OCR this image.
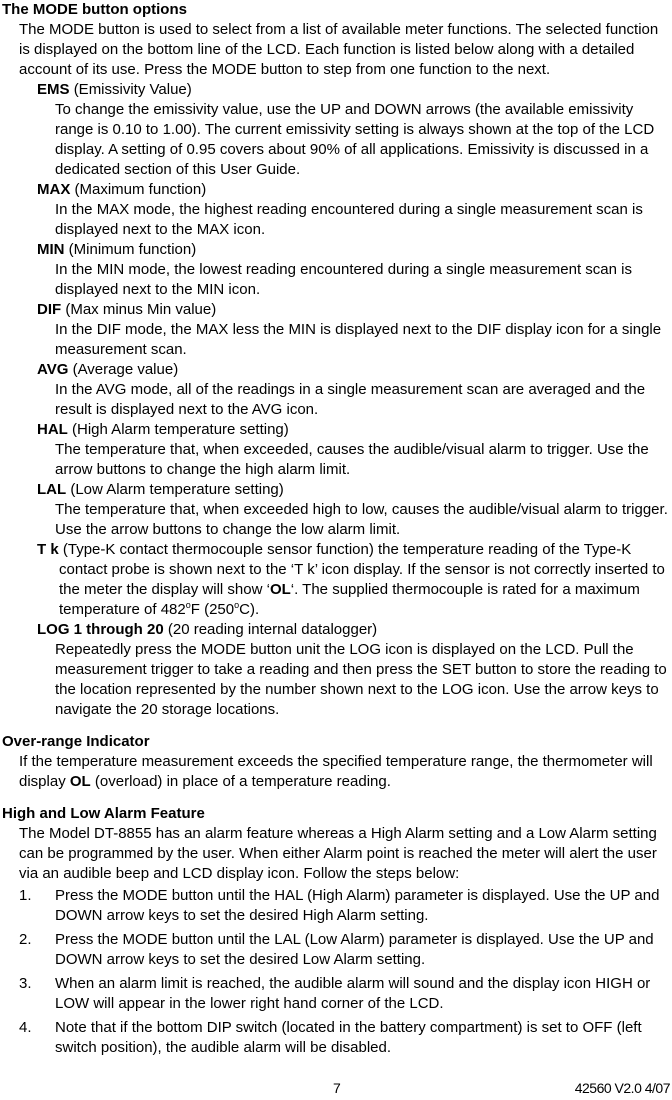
The MODE button options

The MODE button is used to select from a list of available meter functions. The selected function is displayed on the bottom line of the LCD. Each function is listed below along with a detailed account of its use. Press the MODE button to step from one function to the next.

EMS (Emissivity Value)

To change the emissivity value, use the UP and DOWN arrows (the available emissivity range is 0.10 to 1.00). The current emissivity setting is always shown at the top of the LCD display. A setting of 0.95 covers about 90% of all applications. Emissivity is discussed in a dedicated section of this User Guide.

MAX (Maximum function)

In the MAX mode, the highest reading encountered during a single measurement scan is displayed next to the MAX icon.

MIN (Minimum function)

In the MIN mode, the lowest reading encountered during a single measurement scan is displayed next to the MIN icon.

DIF (Max minus Min value)

In the DIF mode, the MAX less the MIN is displayed next to the DIF display icon for a single measurement scan.

AVG (Average value)

In the AVG mode, all of the readings in a single measurement scan are averaged and the result is displayed next to the AVG icon.

HAL (High Alarm temperature setting)

The temperature that, when exceeded, causes the audible/visual alarm to trigger. Use the arrow buttons to change the high alarm limit.

LAL (Low Alarm temperature setting)

The temperature that, when exceeded high to low, causes the audible/visual alarm to trigger. Use the arrow buttons to change the low alarm limit.

T k (Type-K contact thermocouple sensor function) the temperature reading of the Type-K contact probe is shown next to the ‘T k’ icon display. If the sensor is not correctly inserted to the meter the display will show ‘OL‘. The supplied thermocouple is rated for a maximum temperature of 482$^o$F (250$^o$C).

LOG 1 through 20 (20 reading internal datalogger)

Repeatedly press the MODE button unit the LOG icon is displayed on the LCD. Pull the measurement trigger to take a reading and then press the SET button to store the reading to the location represented by the number shown next to the LOG icon. Use the arrow keys to navigate the 20 storage locations.

Over-range Indicator

If the temperature measurement exceeds the specified temperature range, the thermometer will display OL (overload) in place of a temperature reading.

High and Low Alarm Feature

The Model DT-8855 has an alarm feature whereas a High Alarm setting and a Low Alarm setting can be programmed by the user. When either Alarm point is reached the meter will alert the user via an audible beep and LCD display icon. Follow the steps below:

1. Press the MODE button until the HAL (High Alarm) parameter is displayed. Use the UP and DOWN arrow keys to set the desired High Alarm setting.
2. Press the MODE button until the LAL (Low Alarm) parameter is displayed. Use the UP and DOWN arrow keys to set the desired Low Alarm setting.
3. When an alarm limit is reached, the audible alarm will sound and the display icon HIGH or LOW will appear in the lower right hand corner of the LCD.
4. Note that if the bottom DIP switch (located in the battery compartment) is set to OFF (left switch position), the audible alarm will be disabled.
7	42560 V2.0 4/07
